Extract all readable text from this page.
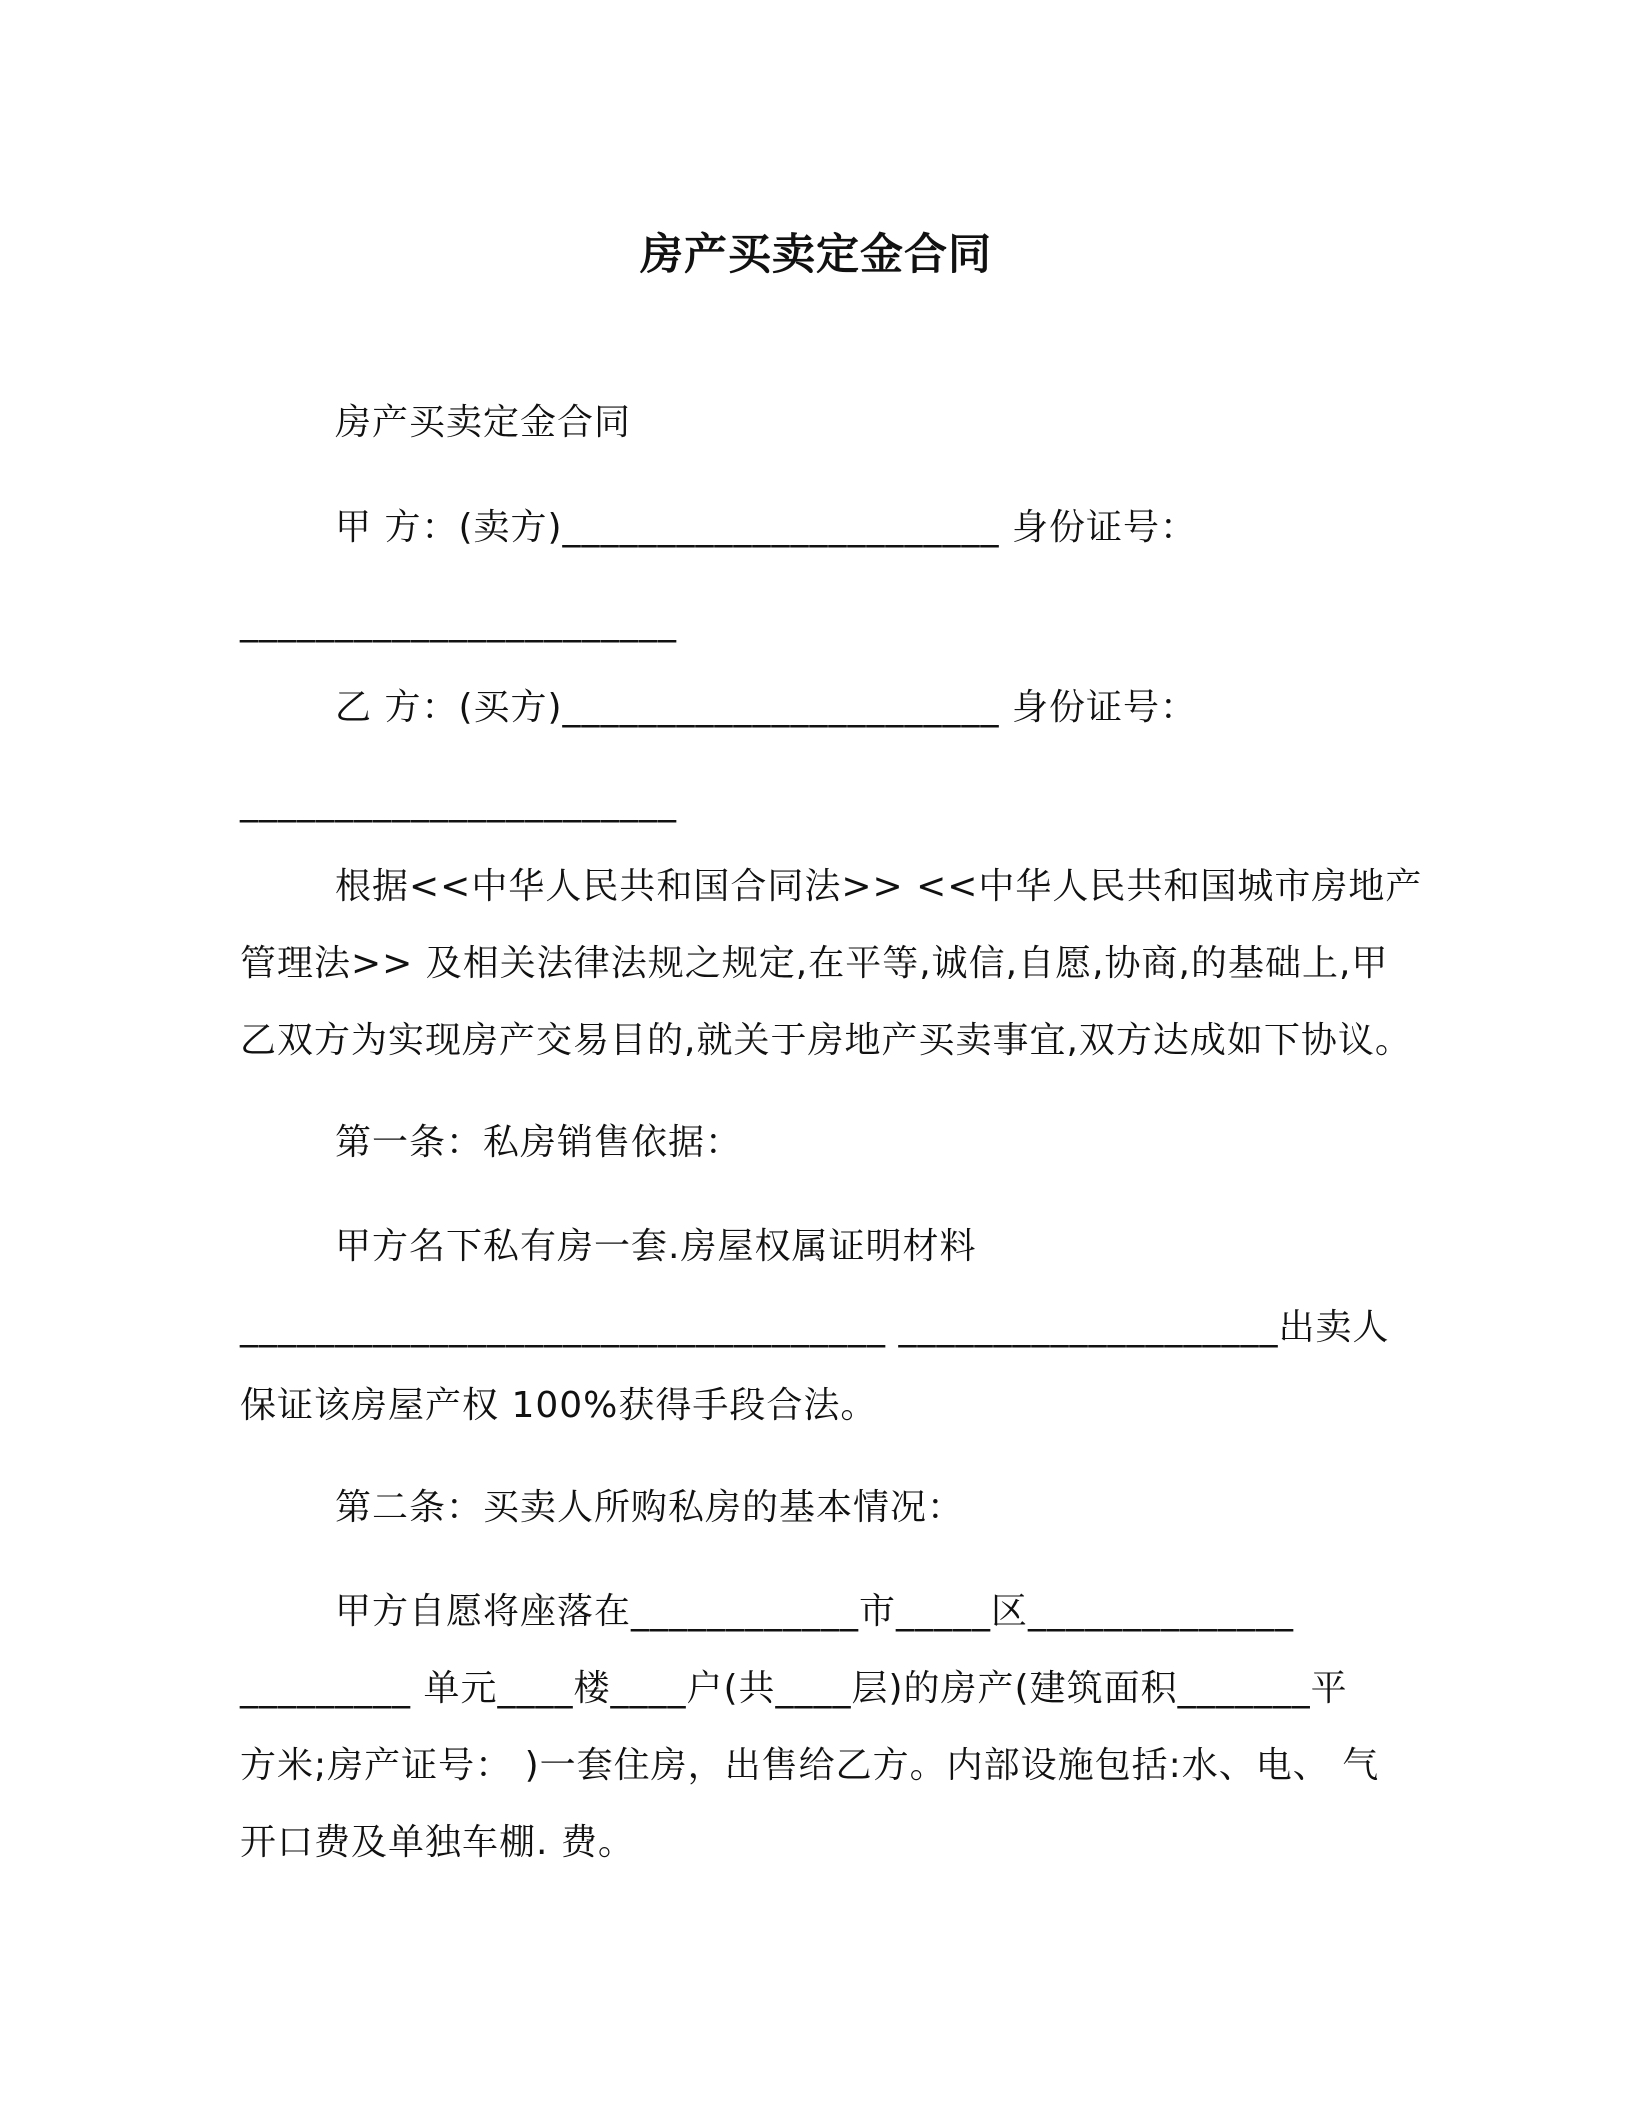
房产买卖定金合同
房产买卖定金合同
甲 方：(卖方)_______________________ 身份证号：
_______________________
乙 方：(买方)_______________________ 身份证号：
_______________________
根据<<中华人民共和国合同法>> <<中华人民共和国城市房地产
管理法>> 及相关法律法规之规定,在平等,诚信,自愿,协商,的基础上,甲
乙双方为实现房产交易目的,就关于房地产买卖事宜,双方达成如下协议。
第一条：私房销售依据：
甲方名下私有房一套.房屋权属证明材料
__________________________________ ____________________出卖人
保证该房屋产权 100%获得手段合法。
第二条：买卖人所购私房的基本情况：
甲方自愿将座落在____________市_____区______________
_________ 单元____楼____户(共____层)的房产(建筑面积_______平
方米;房产证号： )一套住房，出售给乙方。内部设施包括:水、电、 气
开口费及单独车棚. 费。
